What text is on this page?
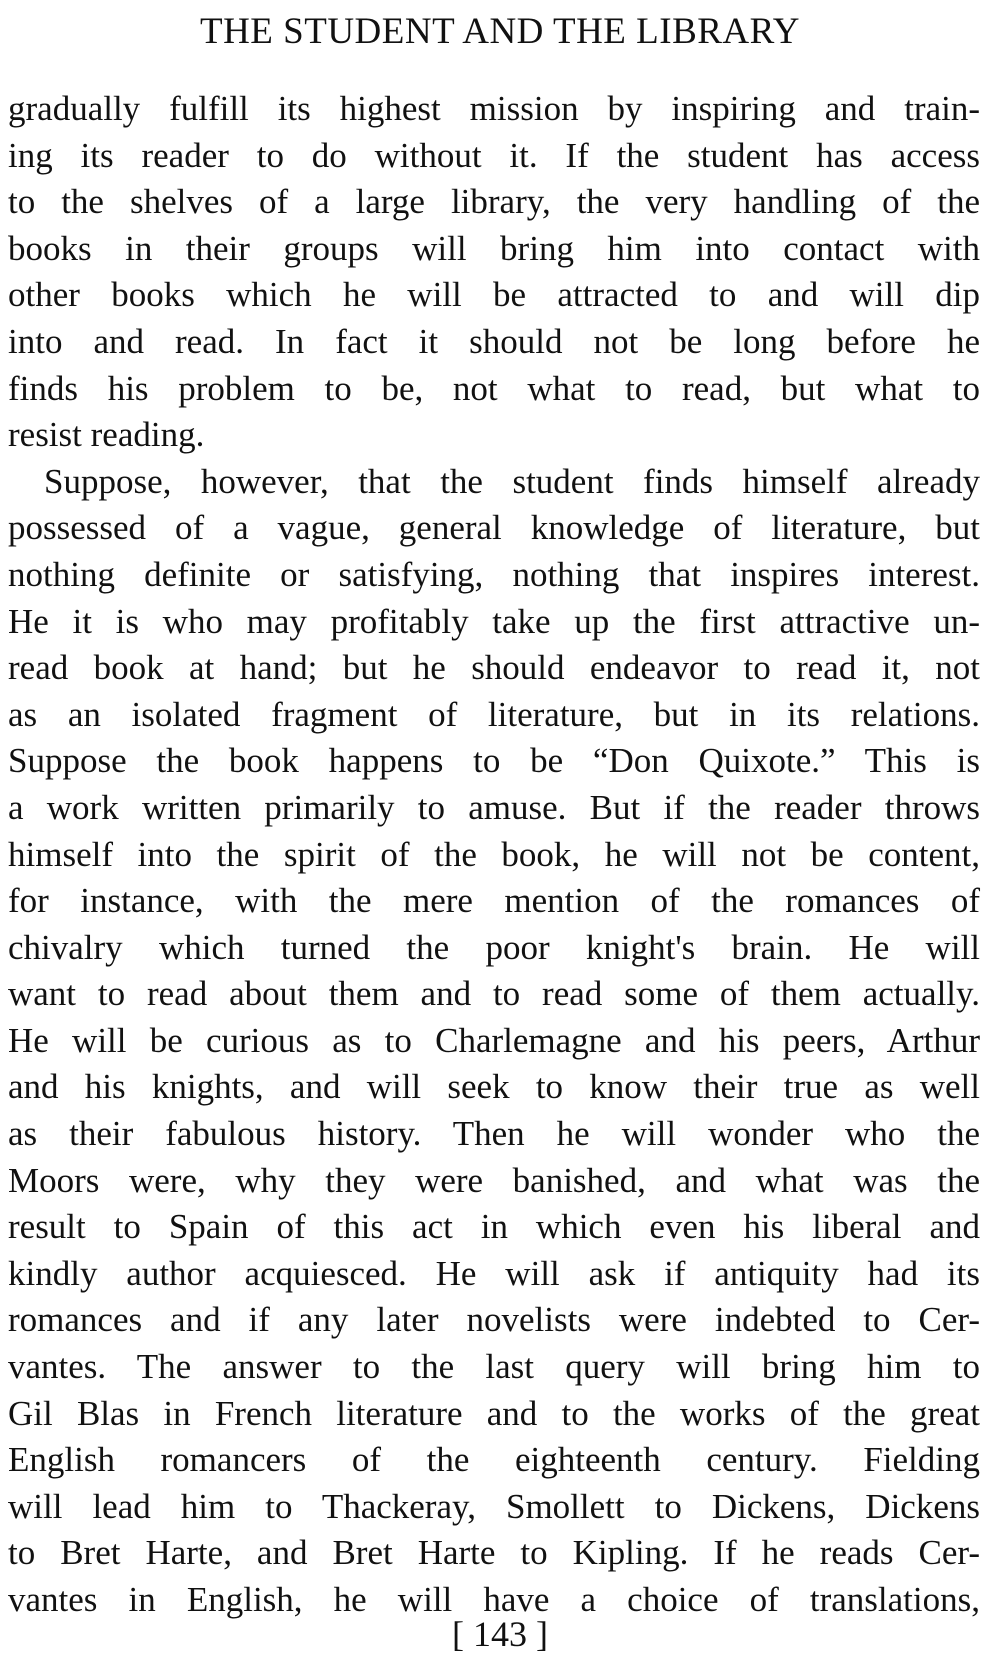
THE STUDENT AND THE LIBRARY
gradually fulfill its highest mission by inspiring and train-
ing its reader to do without it. If the student has access
to the shelves of a large library, the very handling of the
books in their groups will bring him into contact with
other books which he will be attracted to and will dip
into and read. In fact it should not be long before he
finds his problem to be, not what to read, but what to
resist reading.
Suppose, however, that the student finds himself already
possessed of a vague, general knowledge of literature, but
nothing definite or satisfying, nothing that inspires interest.
He it is who may profitably take up the first attractive un-
read book at hand; but he should endeavor to read it, not
as an isolated fragment of literature, but in its relations.
Suppose the book happens to be “Don Quixote.” This is
a work written primarily to amuse. But if the reader throws
himself into the spirit of the book, he will not be content,
for instance, with the mere mention of the romances of
chivalry which turned the poor knight's brain. He will
want to read about them and to read some of them actually.
He will be curious as to Charlemagne and his peers, Arthur
and his knights, and will seek to know their true as well
as their fabulous history. Then he will wonder who the
Moors were, why they were banished, and what was the
result to Spain of this act in which even his liberal and
kindly author acquiesced. He will ask if antiquity had its
romances and if any later novelists were indebted to Cer-
vantes. The answer to the last query will bring him to
Gil Blas in French literature and to the works of the great
English romancers of the eighteenth century. Fielding
will lead him to Thackeray, Smollett to Dickens, Dickens
to Bret Harte, and Bret Harte to Kipling. If he reads Cer-
vantes in English, he will have a choice of translations,
[ 143 ]
